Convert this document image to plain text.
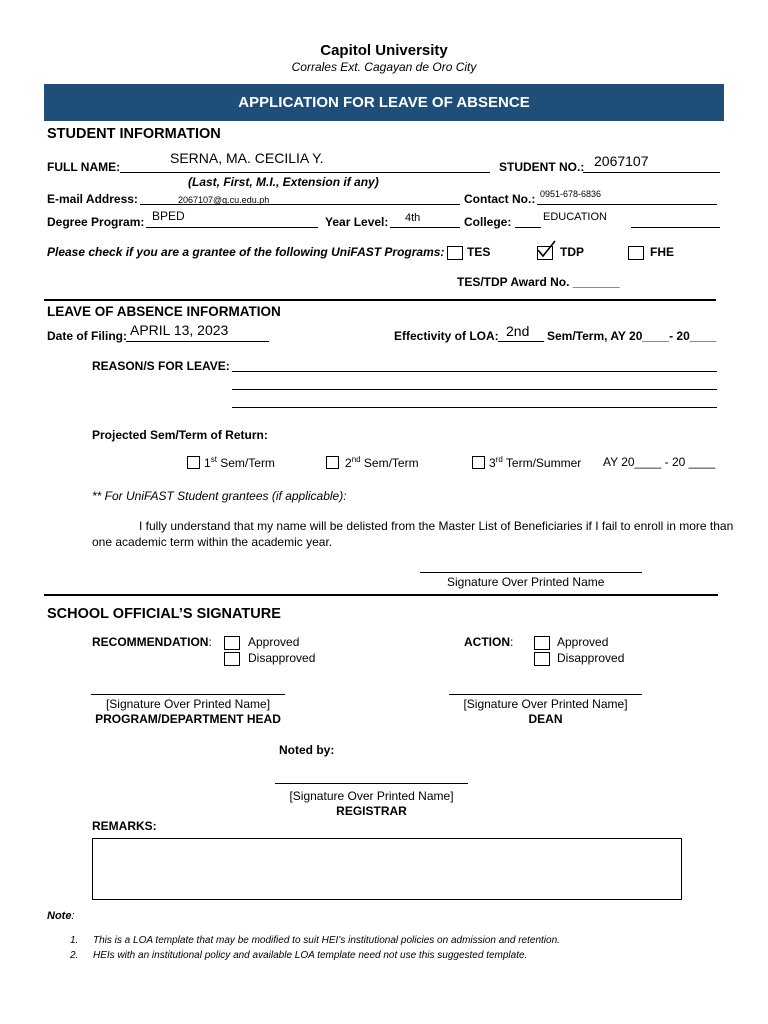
Capitol University
Corrales Ext. Cagayan de Oro City
APPLICATION FOR LEAVE OF ABSENCE
STUDENT INFORMATION
FULL NAME:
SERNA, MA. CECILIA Y.
STUDENT NO.: 2067107
(Last, First, M.I., Extension if any)
E-mail Address:	2067107@g.cu.edu.ph	Contact No.: 0951-678-6836
Degree Program: BPED	Year Level: 4th	College:	EDUCATION
Please check if you are a grantee of the following UniFAST Programs: TES	TDP	FHE
TES/TDP Award No. _______
LEAVE OF ABSENCE INFORMATION
Date of Filing: APRIL 13, 2023	Effectivity of LOA: 2nd Sem/Term, AY 20____- 20____
REASON/S FOR LEAVE:
Projected Sem/Term of Return:
1st Sem/Term	2nd Sem/Term	3rd Term/Summer AY 20____ - 20 ____
** For UniFAST Student grantees (if applicable):
I fully understand that my name will be delisted from the Master List of Beneficiaries if I fail to enroll in more than
one academic term within the academic year.
Signature Over Printed Name
SCHOOL OFFICIAL’S SIGNATURE
RECOMMENDATION:	Approved
Disapproved
ACTION:	Approved
Disapproved
[Signature Over Printed Name]
PROGRAM/DEPARTMENT HEAD
[Signature Over Printed Name]
DEAN
Noted by:
[Signature Over Printed Name]
REGISTRAR
REMARKS:
Note:
1. This is a LOA template that may be modified to suit HEI’s institutional policies on admission and retention.
2. HEIs with an institutional policy and available LOA template need not use this suggested template.
